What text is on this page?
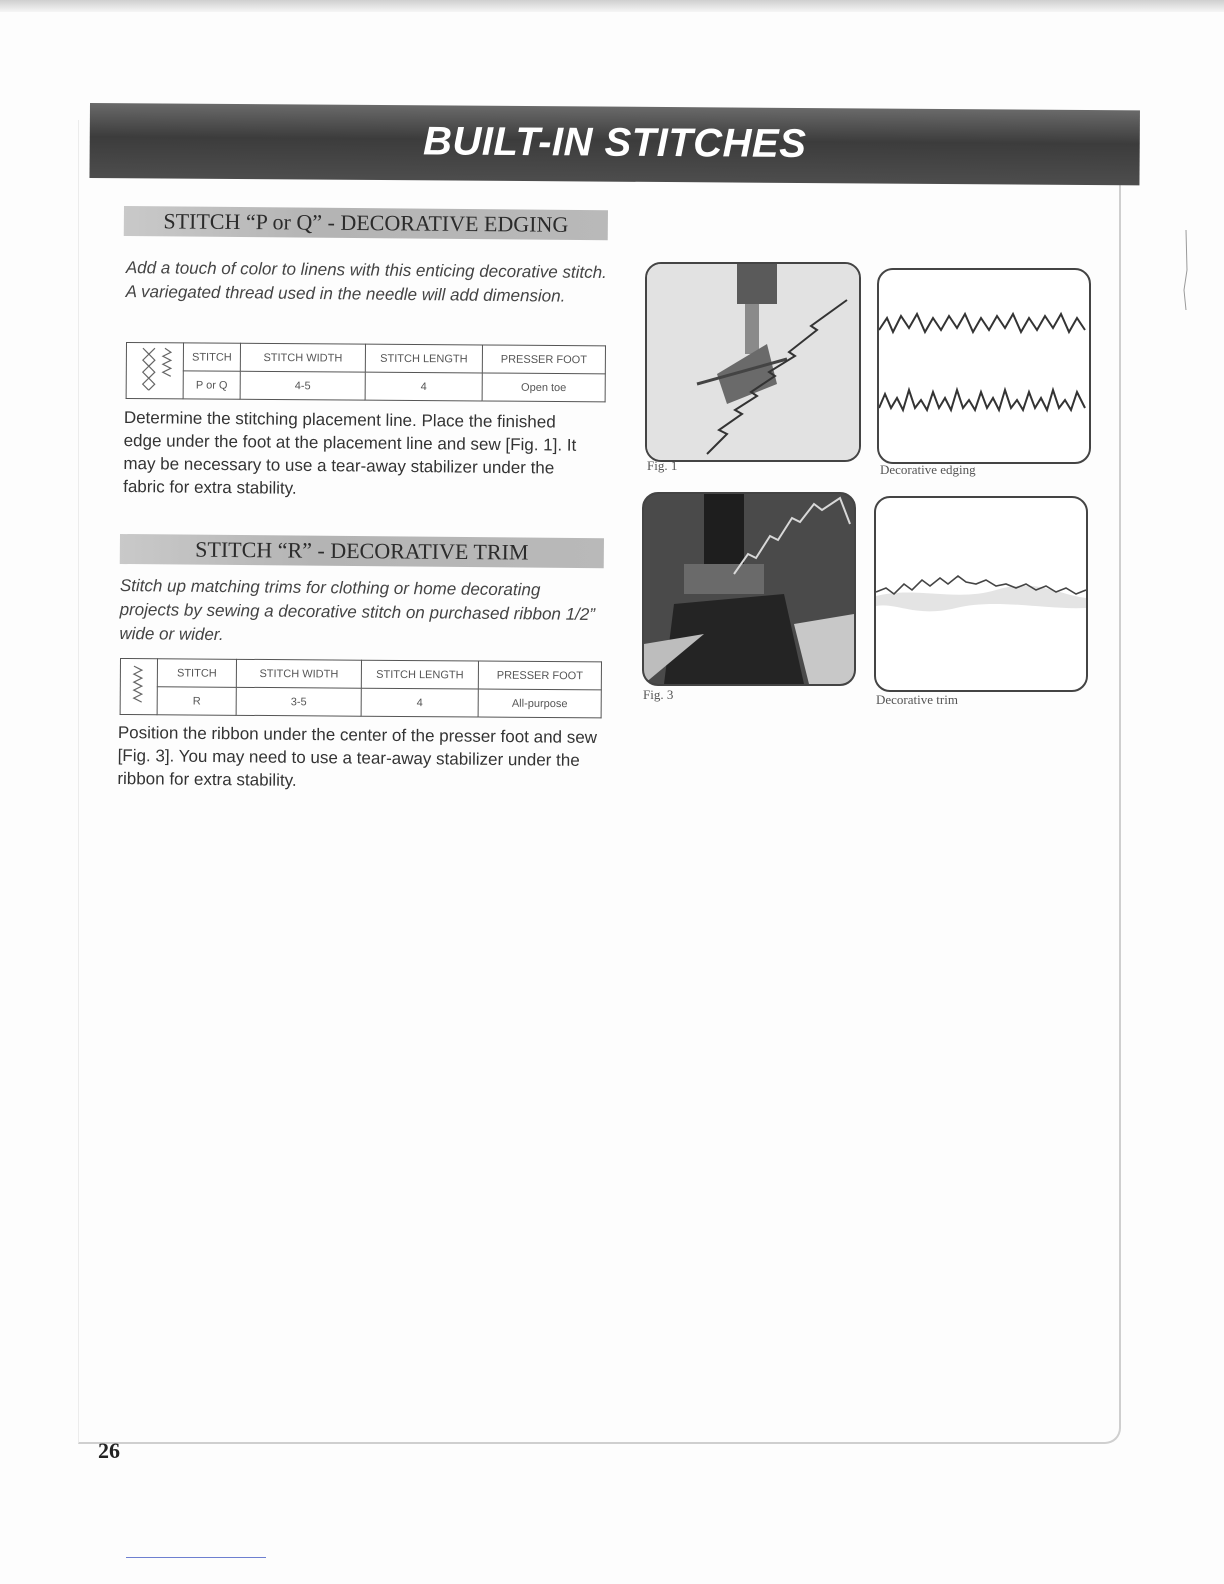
BUILT-IN STITCHES
STITCH “P or Q” - DECORATIVE EDGING
Add a touch of color to linens with this enticing decorative stitch. A variegated thread used in the needle will add dimension.
	STITCH	STITCH WIDTH	STITCH LENGTH	PRESSER FOOT
	P or Q	4-5	4	Open toe
Determine the stitching placement line. Place the finished edge under the foot at the placement line and sew [Fig. 1]. It may be necessary to use a tear-away stabilizer under the fabric for extra stability.
STITCH “R” - DECORATIVE TRIM
Stitch up matching trims for clothing or home decorating projects by sewing a decorative stitch on purchased ribbon 1/2” wide or wider.
	STITCH	STITCH WIDTH	STITCH LENGTH	PRESSER FOOT
	R	3-5	4	All-purpose
Position the ribbon under the center of the presser foot and sew [Fig. 3]. You may need to use a tear-away stabilizer under the ribbon for extra stability.
Fig. 1	Decorative edging
Fig. 3	Decorative trim
26
